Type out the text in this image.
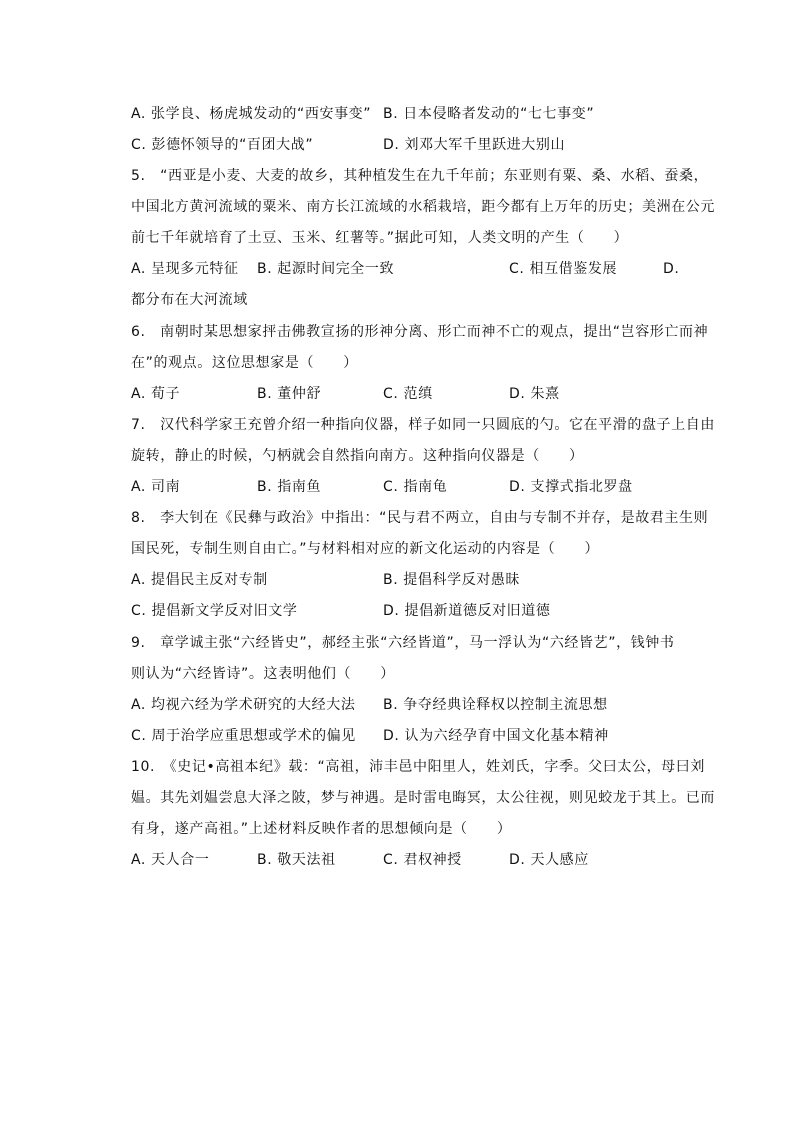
A. 张学良、杨虎城发动的“西安事变” B. 日本侵略者发动的“七七事变”
C. 彭德怀领导的“百团大战”	D. 刘邓大军千里跃进大别山
5.　“西亚是小麦、大麦的故乡，其种植发生在九千年前；东亚则有粟、桑、水稻、蚕桑，
中国北方黄河流域的粟米、南方长江流域的水稻栽培，距今都有上万年的历史；美洲在公元
前七千年就培育了土豆、玉米、红薯等。”据此可知，人类文明的产生（　　）
A. 呈现多元特征 B. 起源时间完全一致	C. 相互借鉴发展	D.
都分布在大河流域
6.　南朝时某思想家抨击佛教宣扬的形神分离、形亡而神不亡的观点，提出“岂容形亡而神
在”的观点。这位思想家是（　　）
A. 荀子	B. 董仲舒	C. 范缜	D. 朱熹
7.　汉代科学家王充曾介绍一种指向仪器，样子如同一只圆底的勺。它在平滑的盘子上自由
旋转，静止的时候，勺柄就会自然指向南方。这种指向仪器是（　　）
A. 司南	B. 指南鱼	C. 指南龟	D. 支撑式指北罗盘
8.　李大钊在《民彝与政治》中指出：“民与君不两立，自由与专制不并存，是故君主生则
国民死，专制生则自由亡。”与材料相对应的新文化运动的内容是（　　）
A. 提倡民主反对专制	B. 提倡科学反对愚昧
C. 提倡新文学反对旧文学	D. 提倡新道德反对旧道德
9.　章学诚主张“六经皆史”，郝经主张“六经皆道”，马一浮认为“六经皆艺”，钱钟书
则认为“六经皆诗”。这表明他们（　　）
A. 均视六经为学术研究的大经大法 B. 争夺经典诠释权以控制主流思想
C. 周于治学应重思想或学术的偏见 D. 认为六经孕育中国文化基本精神
10.　《史记•高祖本纪》载：“高祖，沛丰邑中阳里人，姓刘氏，字季。父曰太公，母曰刘
媪。其先刘媪尝息大泽之陂，梦与神遇。是时雷电晦冥，太公往视，则见蛟龙于其上。已而
有身，遂产高祖。”上述材料反映作者的思想倾向是（　　）
A. 天人合一	B. 敬天法祖	C. 君权神授	D. 天人感应
